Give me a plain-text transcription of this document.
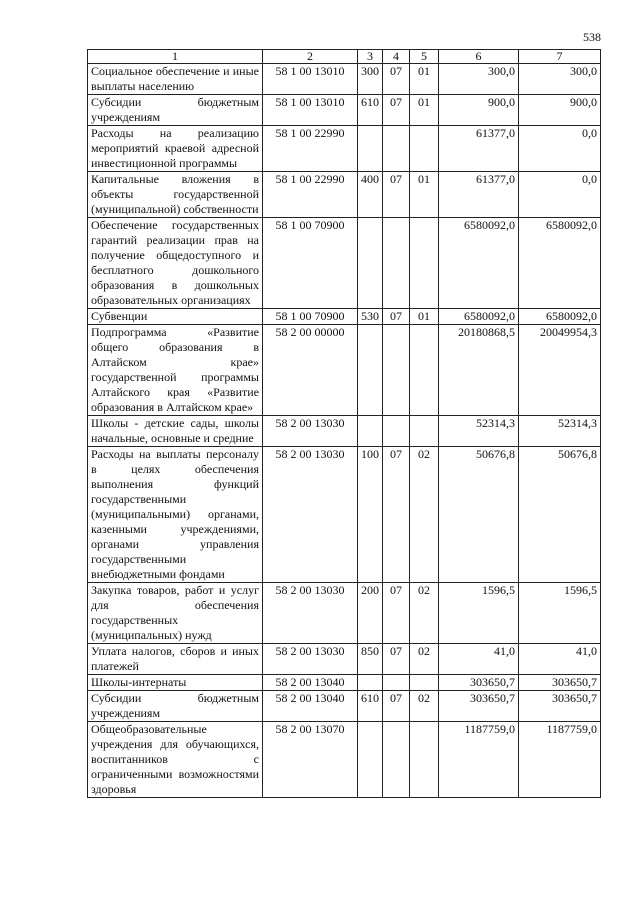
538
1	2	3	4	5	6	7
Социальное обеспечение и иные выплаты населению	58 1 00 13010	300	07	01	300,0	300,0
Субсидии бюджетным учреждениям	58 1 00 13010	610	07	01	900,0	900,0
Расходы на реализацию мероприятий краевой адресной инвестиционной программы	58 1 00 22990				61377,0	0,0
Капитальные вложения в объекты государственной (муниципальной) собственности	58 1 00 22990	400	07	01	61377,0	0,0
Обеспечение государственных гарантий реализации прав на получение общедоступного и бесплатного дошкольного образования в дошкольных образовательных организациях	58 1 00 70900				6580092,0	6580092,0
Субвенции	58 1 00 70900	530	07	01	6580092,0	6580092,0
Подпрограмма «Развитие общего образования в Алтайском крае» государственной программы Алтайского края «Развитие образования в Алтайском крае»	58 2 00 00000				20180868,5	20049954,3
Школы - детские сады, школы начальные, основные и средние	58 2 00 13030				52314,3	52314,3
Расходы на выплаты персоналу в целях обеспечения выполнения функций государственными (муниципальными) органами, казенными учреждениями, органами управления государственными внебюджетными фондами	58 2 00 13030	100	07	02	50676,8	50676,8
Закупка товаров, работ и услуг для обеспечения государственных (муниципальных) нужд	58 2 00 13030	200	07	02	1596,5	1596,5
Уплата налогов, сборов и иных платежей	58 2 00 13030	850	07	02	41,0	41,0
Школы-интернаты	58 2 00 13040				303650,7	303650,7
Субсидии бюджетным учреждениям	58 2 00 13040	610	07	02	303650,7	303650,7
Общеобразовательные учреждения для обучающихся, воспитанников с ограниченными возможностями здоровья	58 2 00 13070				1187759,0	1187759,0
